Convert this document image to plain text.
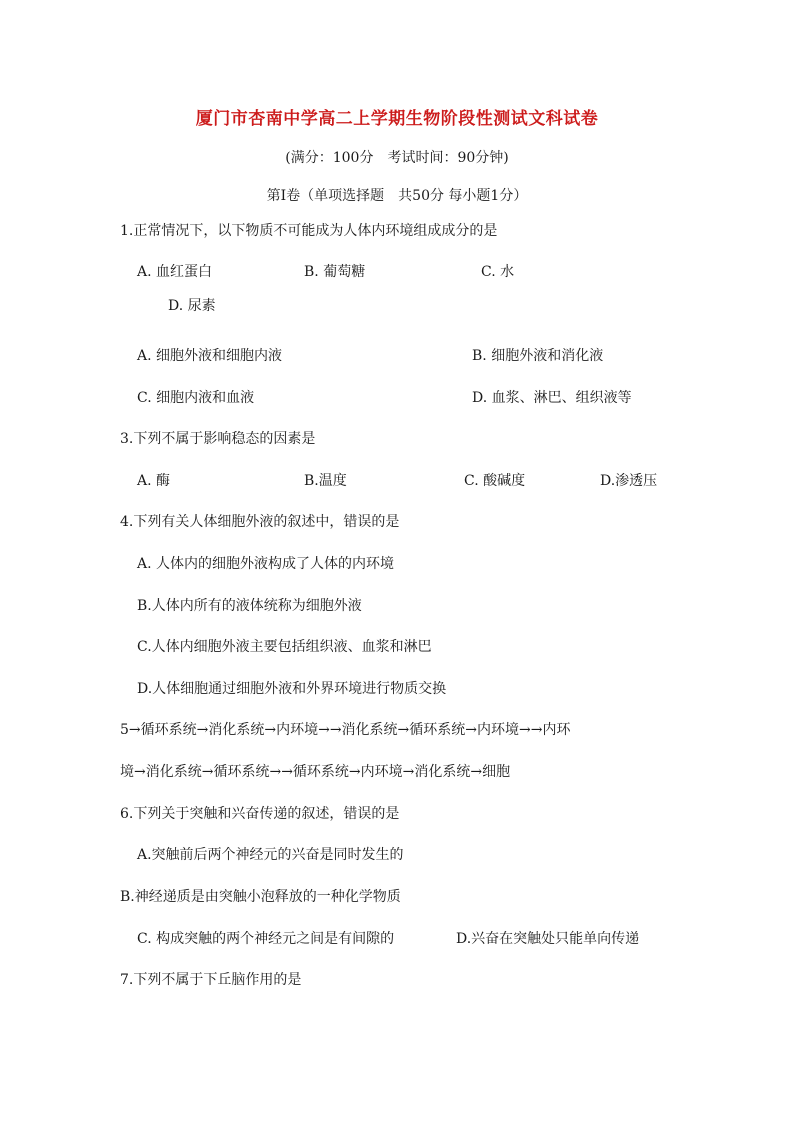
厦门市杏南中学高二上学期生物阶段性测试文科试卷
(满分：100分　考试时间：90分钟)
第Ⅰ卷（单项选择题　共50分 每小题1分）
1.正常情况下，以下物质不可能成为人体内环境组成成分的是
A. 血红蛋白	B. 葡萄糖	C. 水
D. 尿素
A. 细胞外液和细胞内液	B. 细胞外液和消化液
C. 细胞内液和血液	D. 血浆、淋巴、组织液等
3.下列不属于影响稳态的因素是
A. 酶	B.温度	C. 酸碱度	D.渗透压
4.下列有关人体细胞外液的叙述中，错误的是
A. 人体内的细胞外液构成了人体的内环境
B.人体内所有的液体统称为细胞外液
C.人体内细胞外液主要包括组织液、血浆和淋巴
D.人体细胞通过细胞外液和外界环境进行物质交换
5→循环系统→消化系统→内环境→→消化系统→循环系统→内环境→→内环
境→消化系统→循环系统→→循环系统→内环境→消化系统→细胞
6.下列关于突触和兴奋传递的叙述，错误的是
A.突触前后两个神经元的兴奋是同时发生的
B.神经递质是由突触小泡释放的一种化学物质
C. 构成突触的两个神经元之间是有间隙的	D.兴奋在突触处只能单向传递
7.下列不属于下丘脑作用的是
